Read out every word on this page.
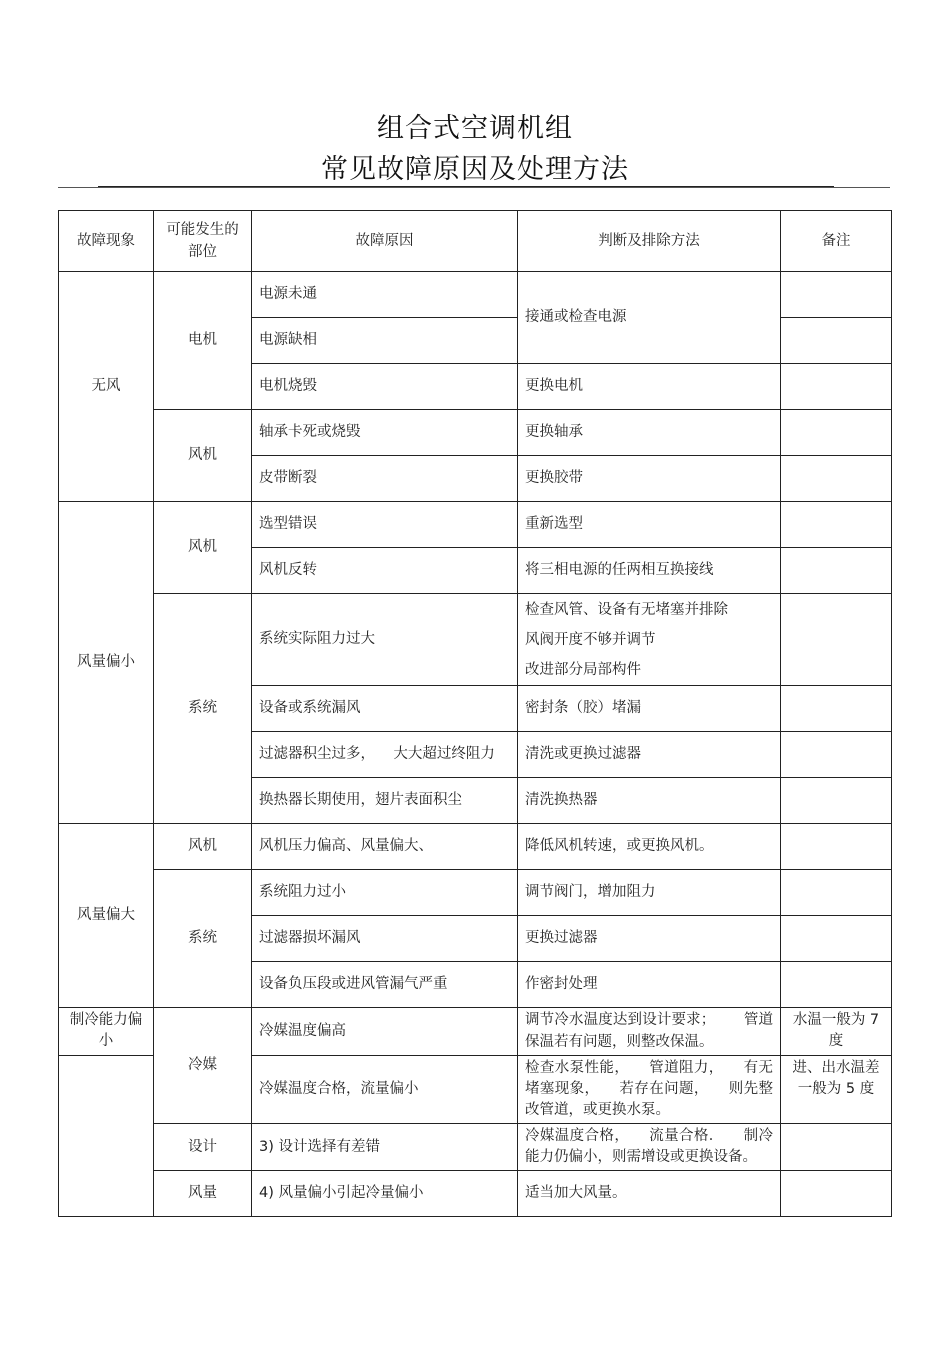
组合式空调机组
常见故障原因及处理方法
故障现象	可能发生的部位	故障原因	判断及排除方法	备注
无风	电机	电源未通	接通或检查电源	
		电源缺相		
		电机烧毁	更换电机	
	风机	轴承卡死或烧毁	更换轴承	
		皮带断裂	更换胶带	
风量偏小	风机	选型错误	重新选型	
		风机反转	将三相电源的任两相互换接线	
	系统	系统实际阻力过大	检查风管、设备有无堵塞并排除
风阀开度不够并调节
改进部分局部构件	

		设备或系统漏风	密封条（胶）堵漏	
		过滤器积尘过多，    大大超过终阻力	清洗或更换过滤器	
		换热器长期使用，翅片表面积尘	清洗换热器	
风量偏大	风机	风机压力偏高、风量偏大、	降低风机转速，或更换风机。	
	系统	系统阻力过小	调节阀门，增加阻力	
		过滤器损坏漏风	更换过滤器	
		设备负压段或进风管漏气严重	作密封处理	
制冷能力偏小	冷媒	冷媒温度偏高	调节冷水温度达到设计要求；      管道保温若有问题，则整改保温。	水温一般为 7 度
		冷媒温度合格，流量偏小	检查水泵性能，    管道阻力，    有无堵塞现象，    若存在问题，    则先整改管道，或更换水泵。	进、出水温差一般为 5 度
	设计	3) 设计选择有差错	冷媒温度合格，    流量合格．    制冷能力仍偏小，则需增设或更换设备。	
	风量	4) 风量偏小引起冷量偏小	适当加大风量。	
